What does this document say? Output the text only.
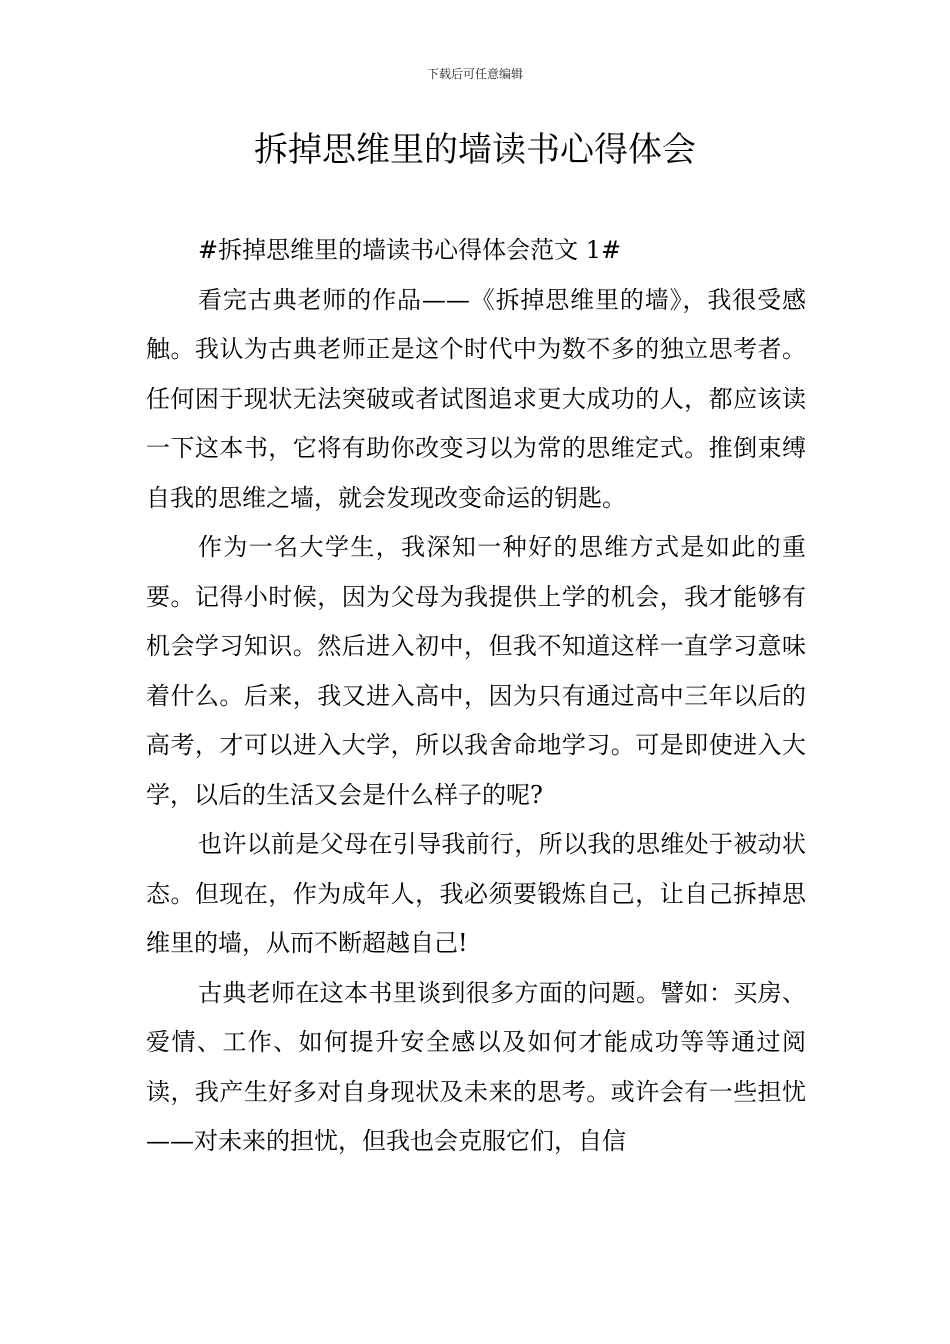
下载后可任意编辑
拆掉思维里的墙读书心得体会

#拆掉思维里的墙读书心得体会范文 1#

看完古典老师的作品——《拆掉思维里的墙》，我很受感触。我认为古典老师正是这个时代中为数不多的独立思考者。任何困于现状无法突破或者试图追求更大成功的人，都应该读一下这本书，它将有助你改变习以为常的思维定式。推倒束缚自我的思维之墙，就会发现改变命运的钥匙。

作为一名大学生，我深知一种好的思维方式是如此的重要。记得小时候，因为父母为我提供上学的机会，我才能够有机会学习知识。然后进入初中，但我不知道这样一直学习意味着什么。后来，我又进入高中，因为只有通过高中三年以后的高考，才可以进入大学，所以我舍命地学习。可是即使进入大学，以后的生活又会是什么样子的呢?

也许以前是父母在引导我前行，所以我的思维处于被动状态。但现在，作为成年人，我必须要锻炼自己，让自己拆掉思维里的墙，从而不断超越自己!

古典老师在这本书里谈到很多方面的问题。譬如：买房、爱情、工作、如何提升安全感以及如何才能成功等等通过阅读，我产生好多对自身现状及未来的思考。或许会有一些担忧——对未来的担忧，但我也会克服它们，自信
